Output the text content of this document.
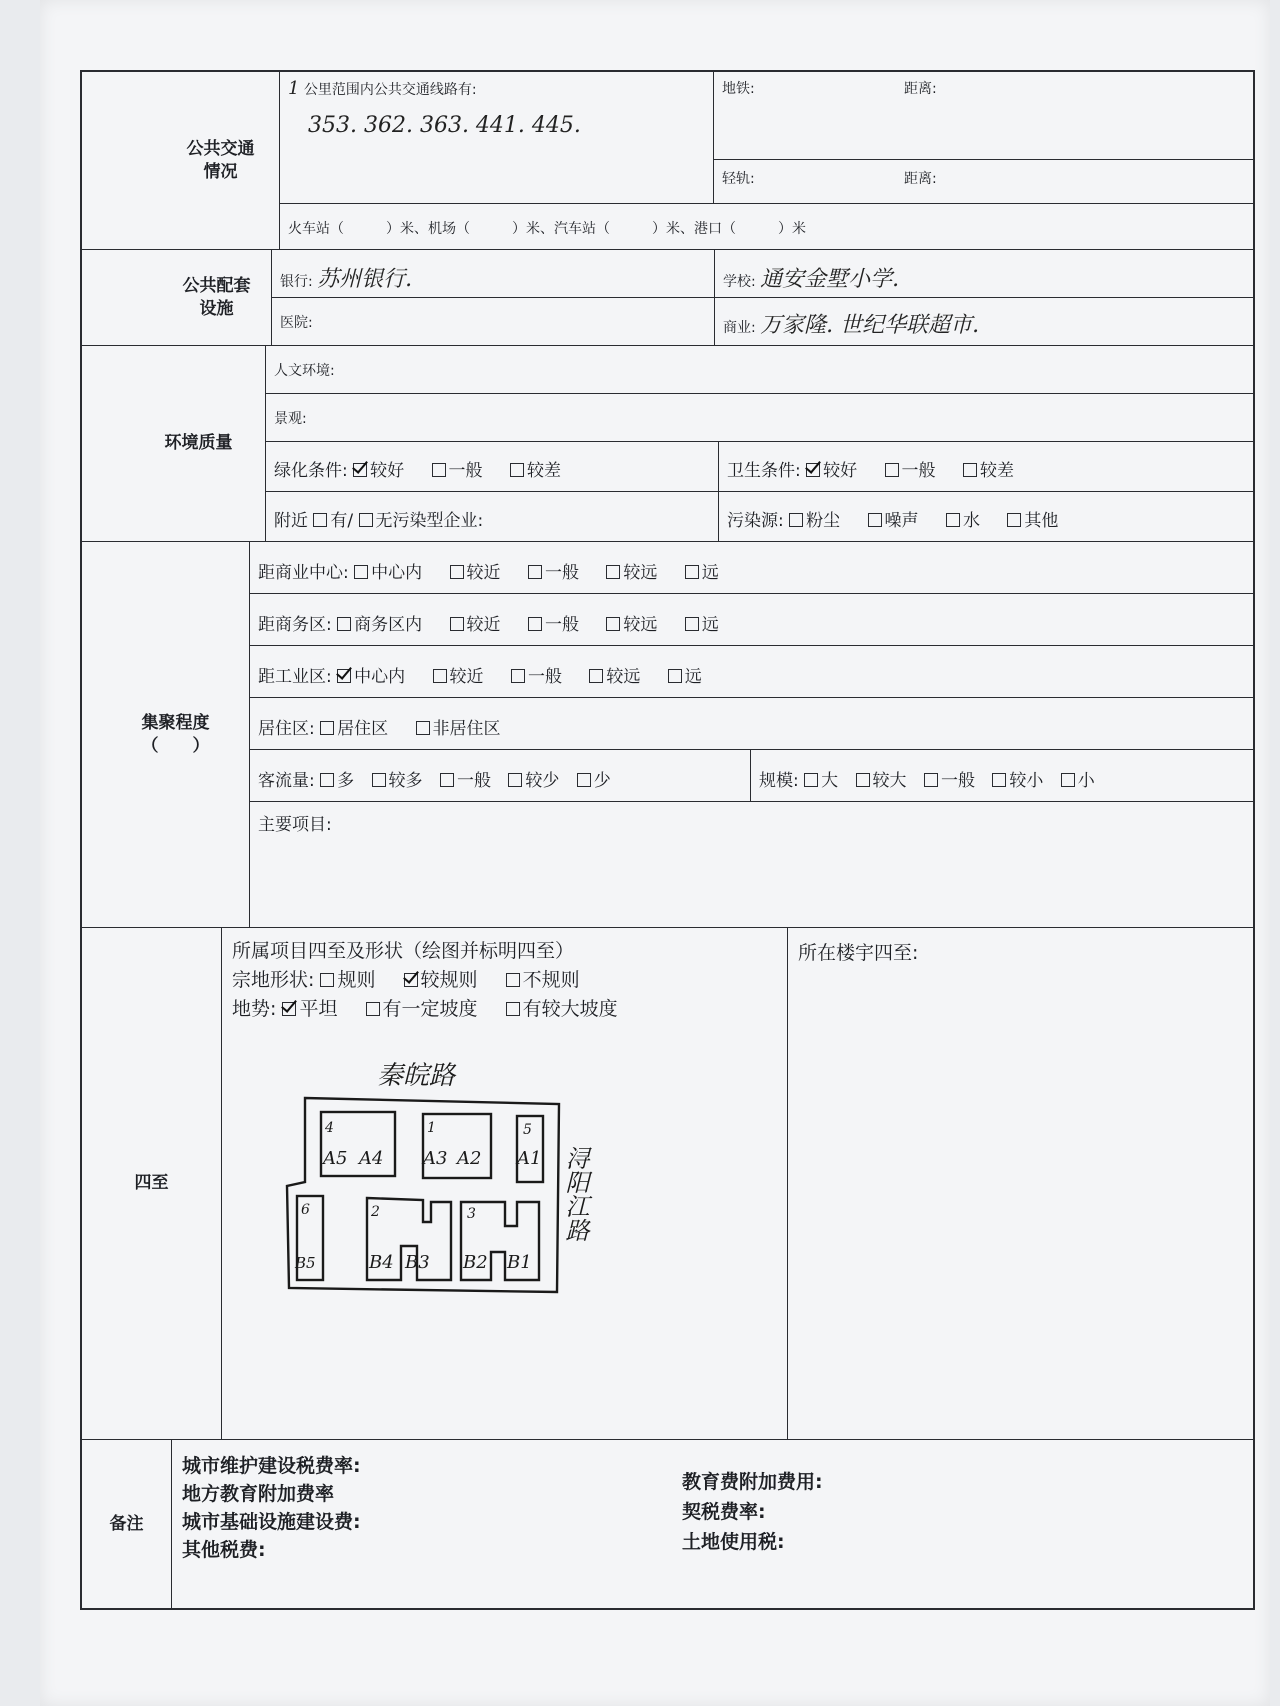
公共交通
情况
1 公里范围内公共交通线路有:
353. 362. 363. 441. 445.
地铁:	距离:
轻轨:	距离:
火车站（　　　）米、机场（　　　）米、汽车站（　　　）米、港口（　　　）米
公共配套
设施
银行: 苏州银行.	学校: 通安金墅小学.
医院:	商业: 万家隆. 世纪华联超市.
环境质量
人文环境:
景观:
绿化条件: 较好	一般	较差	卫生条件: 较好	一般	较差
附近 有/ 无污染型企业:	污染源: 粉尘	噪声	水	其他
集聚程度
（　　）
距商业中心: 中心内	较近	一般	较远	远
距商务区: 商务区内	较近	一般	较远	远
距工业区: 中心内	较近	一般	较远	远
居住区: 居住区	非居住区
客流量: 多 较多 一般 较少 少	规模: 大 较大 一般 较小 小
主要项目:
四至
所属项目四至及形状（绘图并标明四至）
宗地形状: 规则 较规则 不规则
地势: 平坦 有一定坡度 有较大坡度
秦皖路
浔阳江路
4
A5 A4
1
A3 A2
5
A1
6
B5
2
B4 B3
3
B2 B1
所在楼宇四至:
备注
城市维护建设税费率:
地方教育附加费率
城市基础设施建设费:
其他税费:
教育费附加费用:
契税费率:
土地使用税:
